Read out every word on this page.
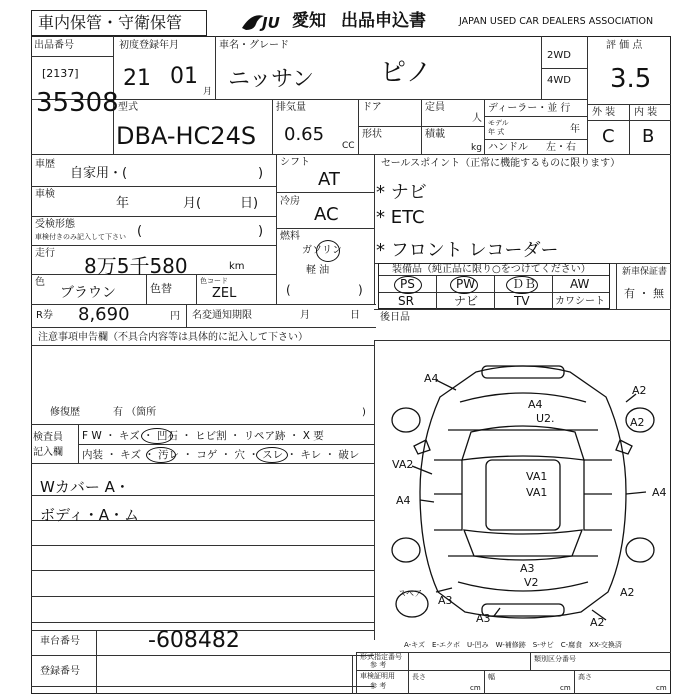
車内保管・守衛保管	JU 愛知 出品申込書	JAPAN USED CAR DEALERS ASSOCIATION
出品番号
[2137]
35308
初度登録年月
21 01
月
車名・グレード
ニッサン	ピノ
2WD
4WD
評 価 点
3.5
外 装 内 装
C B
型式
DBA-HC24S
排気量
0.65
CC
ドア	定員
人
形状	積載
kg
ディーラー・並 行
モデル
年 式	年
ハンドル 左・右
車歴
自家用・(	)
車検
年	月(	日)
受検形態
車検付きのみ記入して下さい (	)
走行
8万5千580	km
色
ブラウン	色替
色コード
ZEL
シフト
AT
冷房
AC
燃料
ガソリン
軽 油
(	)
セールスポイント（正常に機能するものに限ります）
* ナビ
* ETC
* フロント レコーダー
装備品（純正品に限り○をつけてください）
PS	PW	ＤＢ	AW
SR	ナビ	TV	カワシート
新車保証書
有 ・ 無
R券 8,690	円 名変通知期限	月	日 後日品
注意事項申告欄（不具合内容等は具体的に記入して下さい）
修復歴	有 （箇所	)
検査員
記入欄
F W ・ キズ ・ 凹石 ・ ヒビ割 ・ リペア跡 ・ X 要
内装 ・ キズ ・ 汚レ ・ コゲ ・ 穴 ・ スレ ・ キレ ・ 破レ
Wカバー A・
ボディ・A・ム
A4
A2
A4
U2.
VA2.
A4
A2
VA1
VA1
A4
A3
V2
A3
A3
A2
A2
スペア
A-キズ　E-エクボ　U-凹み　W-補修跡　S-サビ　C-腐食　XX-交換済
車台番号	-608482
登録番号
形式指定番号
参 考
類別区分番号
車検証明用
参 考
長さ
cm
幅
cm
高さ
cm
